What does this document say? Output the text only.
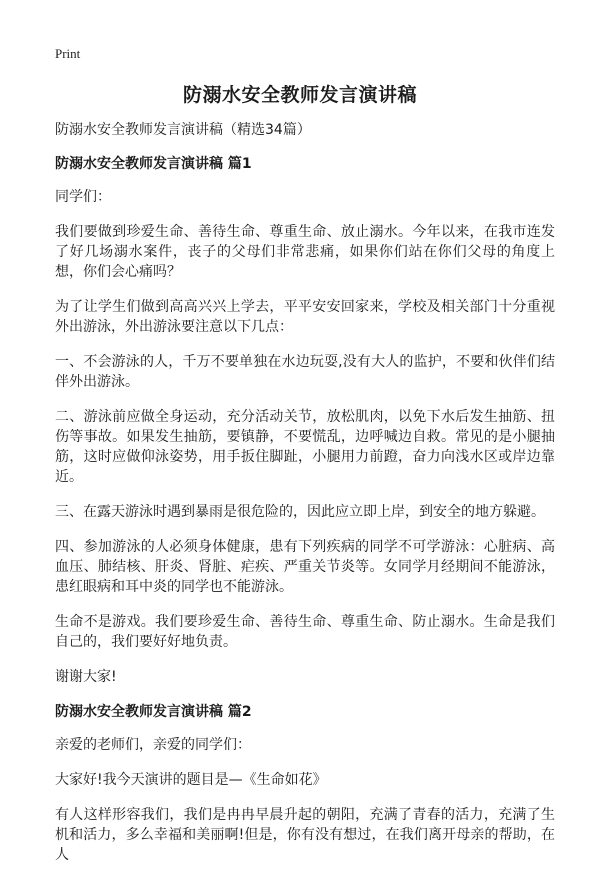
Print
防溺水安全教师发言演讲稿

防溺水安全教师发言演讲稿（精选34篇）

防溺水安全教师发言演讲稿 篇1

同学们：

我们要做到珍爱生命、善待生命、尊重生命、放止溺水。今年以来，在我市连发了好几场溺水案件，丧子的父母们非常悲痛，如果你们站在你们父母的角度上想，你们会心痛吗？

为了让学生们做到高高兴兴上学去，平平安安回家来，学校及相关部门十分重视外出游泳，外出游泳要注意以下几点：

一、不会游泳的人，千万不要单独在水边玩耍,没有大人的监护，不要和伙伴们结伴外出游泳。

二、游泳前应做全身运动，充分活动关节，放松肌肉，以免下水后发生抽筋、扭伤等事故。如果发生抽筋，要镇静，不要慌乱，边呼喊边自救。常见的是小腿抽筋，这时应做仰泳姿势，用手扳住脚趾，小腿用力前蹬，奋力向浅水区或岸边靠近。

三、在露天游泳时遇到暴雨是很危险的，因此应立即上岸，到安全的地方躲避。

四、参加游泳的人必须身体健康，患有下列疾病的同学不可学游泳：心脏病、高血压、肺结核、肝炎、肾脏、疟疾、严重关节炎等。女同学月经期间不能游泳，患红眼病和耳中炎的同学也不能游泳。

生命不是游戏。我们要珍爱生命、善待生命、尊重生命、防止溺水。生命是我们自己的，我们要好好地负责。

谢谢大家!

防溺水安全教师发言演讲稿 篇2

亲爱的老师们，亲爱的同学们：

大家好!我今天演讲的题目是—《生命如花》

有人这样形容我们，我们是冉冉早晨升起的朝阳，充满了青春的活力，充满了生机和活力，多么幸福和美丽啊!但是，你有没有想过，在我们离开母亲的帮助，在人
